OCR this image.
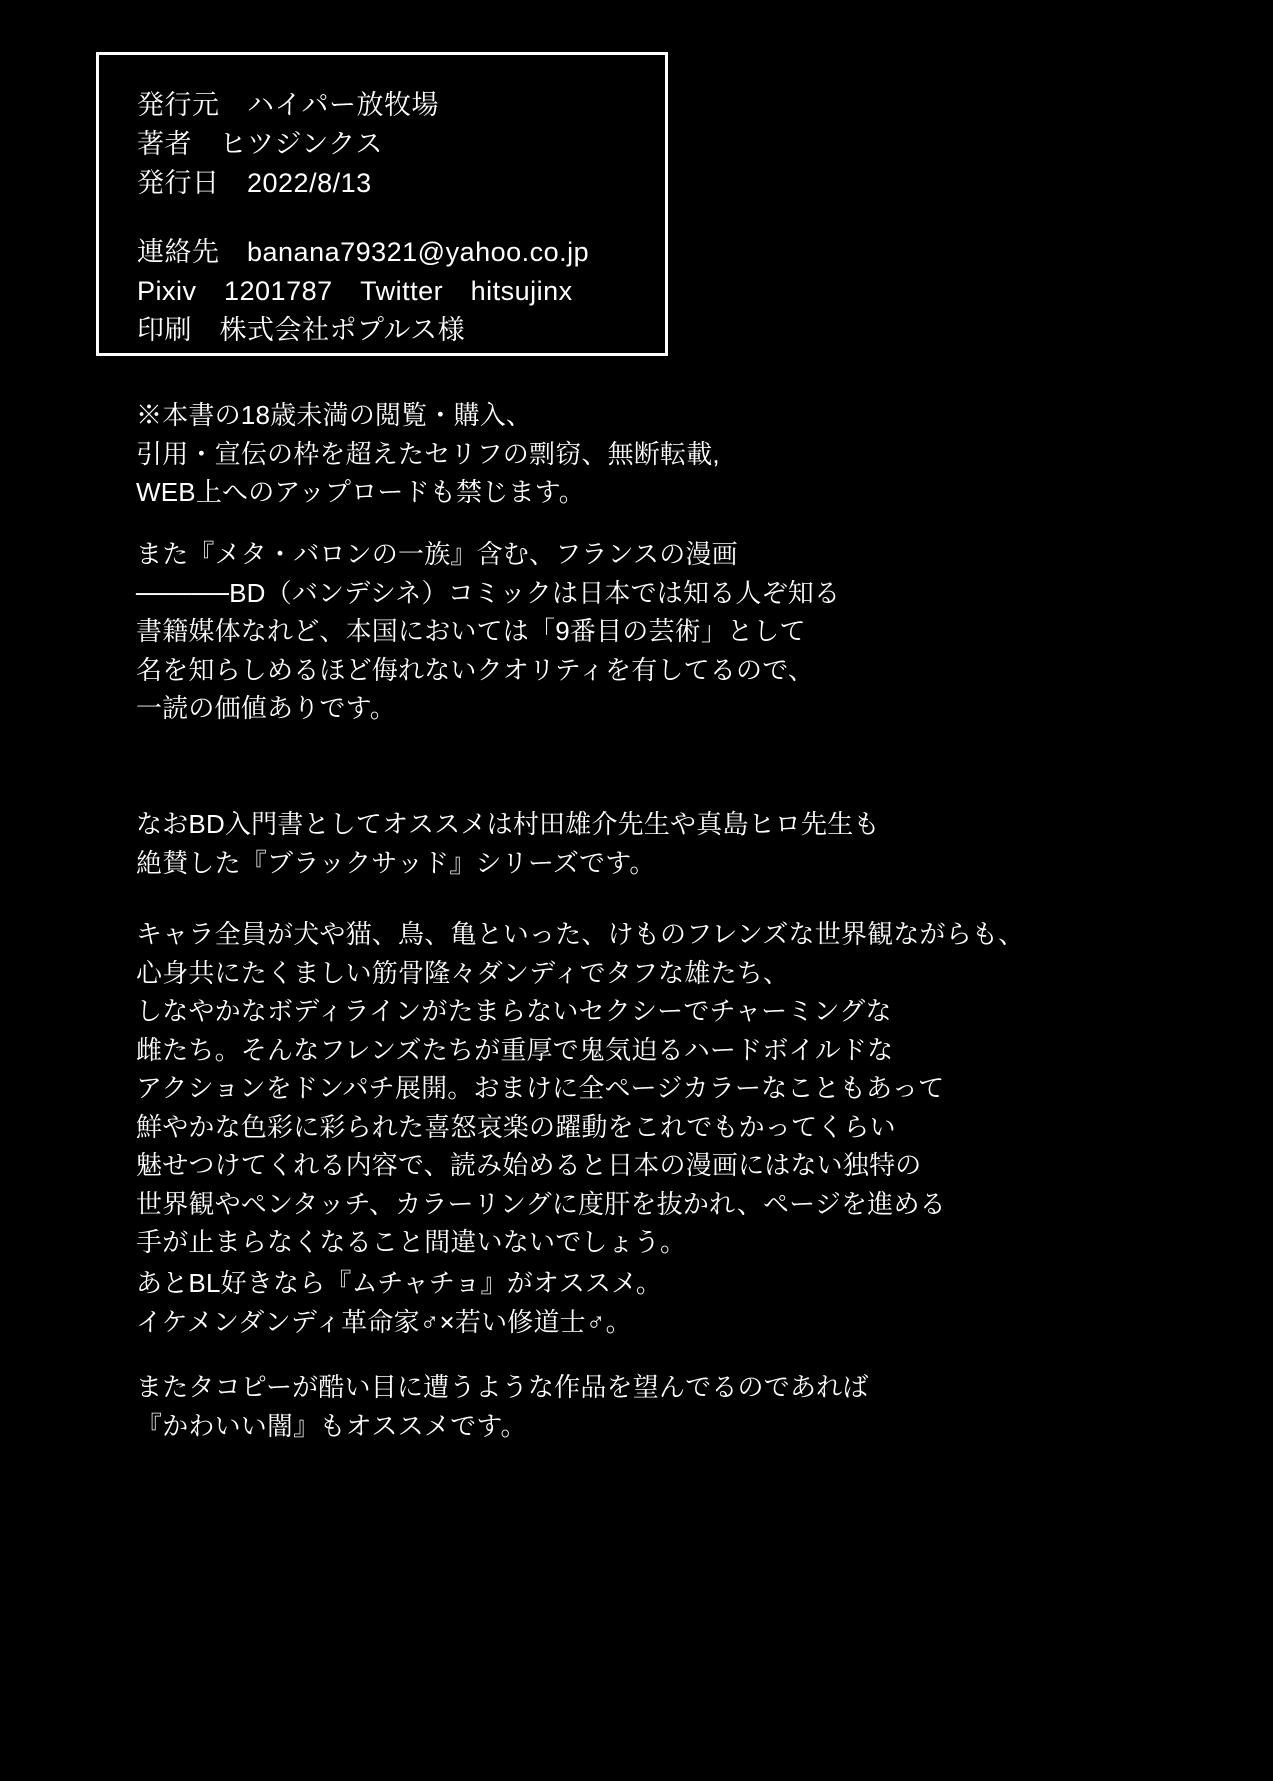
発行元　ハイパー放牧場
著者　ヒツジンクス
発行日　2022/8/13
連絡先　banana79321@yahoo.co.jp
Pixiv　1201787　Twitter　hitsujinx
印刷　株式会社ポプルス様
※本書の18歳未満の閲覧・購入、
引用・宣伝の枠を超えたセリフの剽窃、無断転載,
WEB上へのアップロードも禁じます。
また『メタ・バロンの一族』含む、フランスの漫画
─────BD（バンデシネ）コミックは日本では知る人ぞ知る
書籍媒体なれど、本国においては「9番目の芸術」として
名を知らしめるほど侮れないクオリティを有してるので、
一読の価値ありです。
なおBD入門書としてオススメは村田雄介先生や真島ヒロ先生も
絶賛した『ブラックサッド』シリーズです。
キャラ全員が犬や猫、鳥、亀といった、けものフレンズな世界観ながらも、
心身共にたくましい筋骨隆々ダンディでタフな雄たち、
しなやかなボディラインがたまらないセクシーでチャーミングな
雌たち。そんなフレンズたちが重厚で鬼気迫るハードボイルドな
アクションをドンパチ展開。おまけに全ページカラーなこともあって
鮮やかな色彩に彩られた喜怒哀楽の躍動をこれでもかってくらい
魅せつけてくれる内容で、読み始めると日本の漫画にはない独特の
世界観やペンタッチ、カラーリングに度肝を抜かれ、ページを進める
手が止まらなくなること間違いないでしょう。
あとBL好きなら『ムチャチョ』がオススメ。
イケメンダンディ革命家♂×若い修道士♂。
またタコピーが酷い目に遭うような作品を望んでるのであれば
『かわいい闇』もオススメです。
